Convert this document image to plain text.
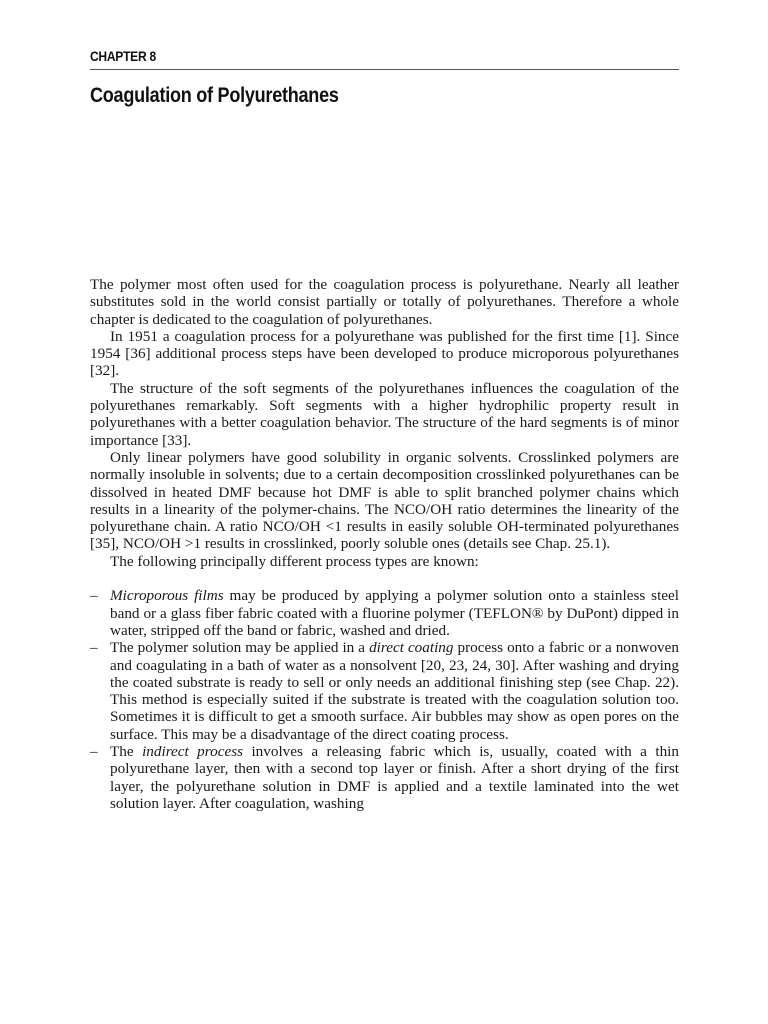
CHAPTER 8
Coagulation of Polyurethanes

The polymer most often used for the coagulation process is polyurethane. Nearly all leather substitutes sold in the world consist partially or totally of polyurethanes. Therefore a whole chapter is dedicated to the coagulation of polyurethanes.

In 1951 a coagulation process for a polyurethane was published for the first time [1]. Since 1954 [36] additional process steps have been developed to produce microporous polyurethanes [32].

The structure of the soft segments of the polyurethanes influences the coagulation of the polyurethanes remarkably. Soft segments with a higher hydrophilic property result in polyurethanes with a better coagulation behavior. The structure of the hard segments is of minor importance [33].

Only linear polymers have good solubility in organic solvents. Crosslinked polymers are normally insoluble in solvents; due to a certain decomposition crosslinked polyurethanes can be dissolved in heated DMF because hot DMF is able to split branched polymer chains which results in a linearity of the polymer-chains. The NCO/OH ratio determines the linearity of the polyurethane chain. A ratio NCO/OH <1 results in easily soluble OH-terminated polyurethanes [35], NCO/OH >1 results in crosslinked, poorly soluble ones (details see Chap. 25.1).

The following principally different process types are known:

– Microporous films may be produced by applying a polymer solution onto a stainless steel band or a glass fiber fabric coated with a fluorine polymer (TEFLON® by DuPont) dipped in water, stripped off the band or fabric, washed and dried.
– The polymer solution may be applied in a direct coating process onto a fabric or a nonwoven and coagulating in a bath of water as a nonsolvent [20, 23, 24, 30]. After washing and drying the coated substrate is ready to sell or only needs an additional finishing step (see Chap. 22). This method is especially suited if the substrate is treated with the coagulation solution too. Sometimes it is difficult to get a smooth surface. Air bubbles may show as open pores on the surface. This may be a disadvantage of the direct coating process.
– The indirect process involves a releasing fabric which is, usually, coated with a thin polyurethane layer, then with a second top layer or finish. After a short drying of the first layer, the polyurethane solution in DMF is applied and a textile laminated into the wet solution layer. After coagulation, washing
